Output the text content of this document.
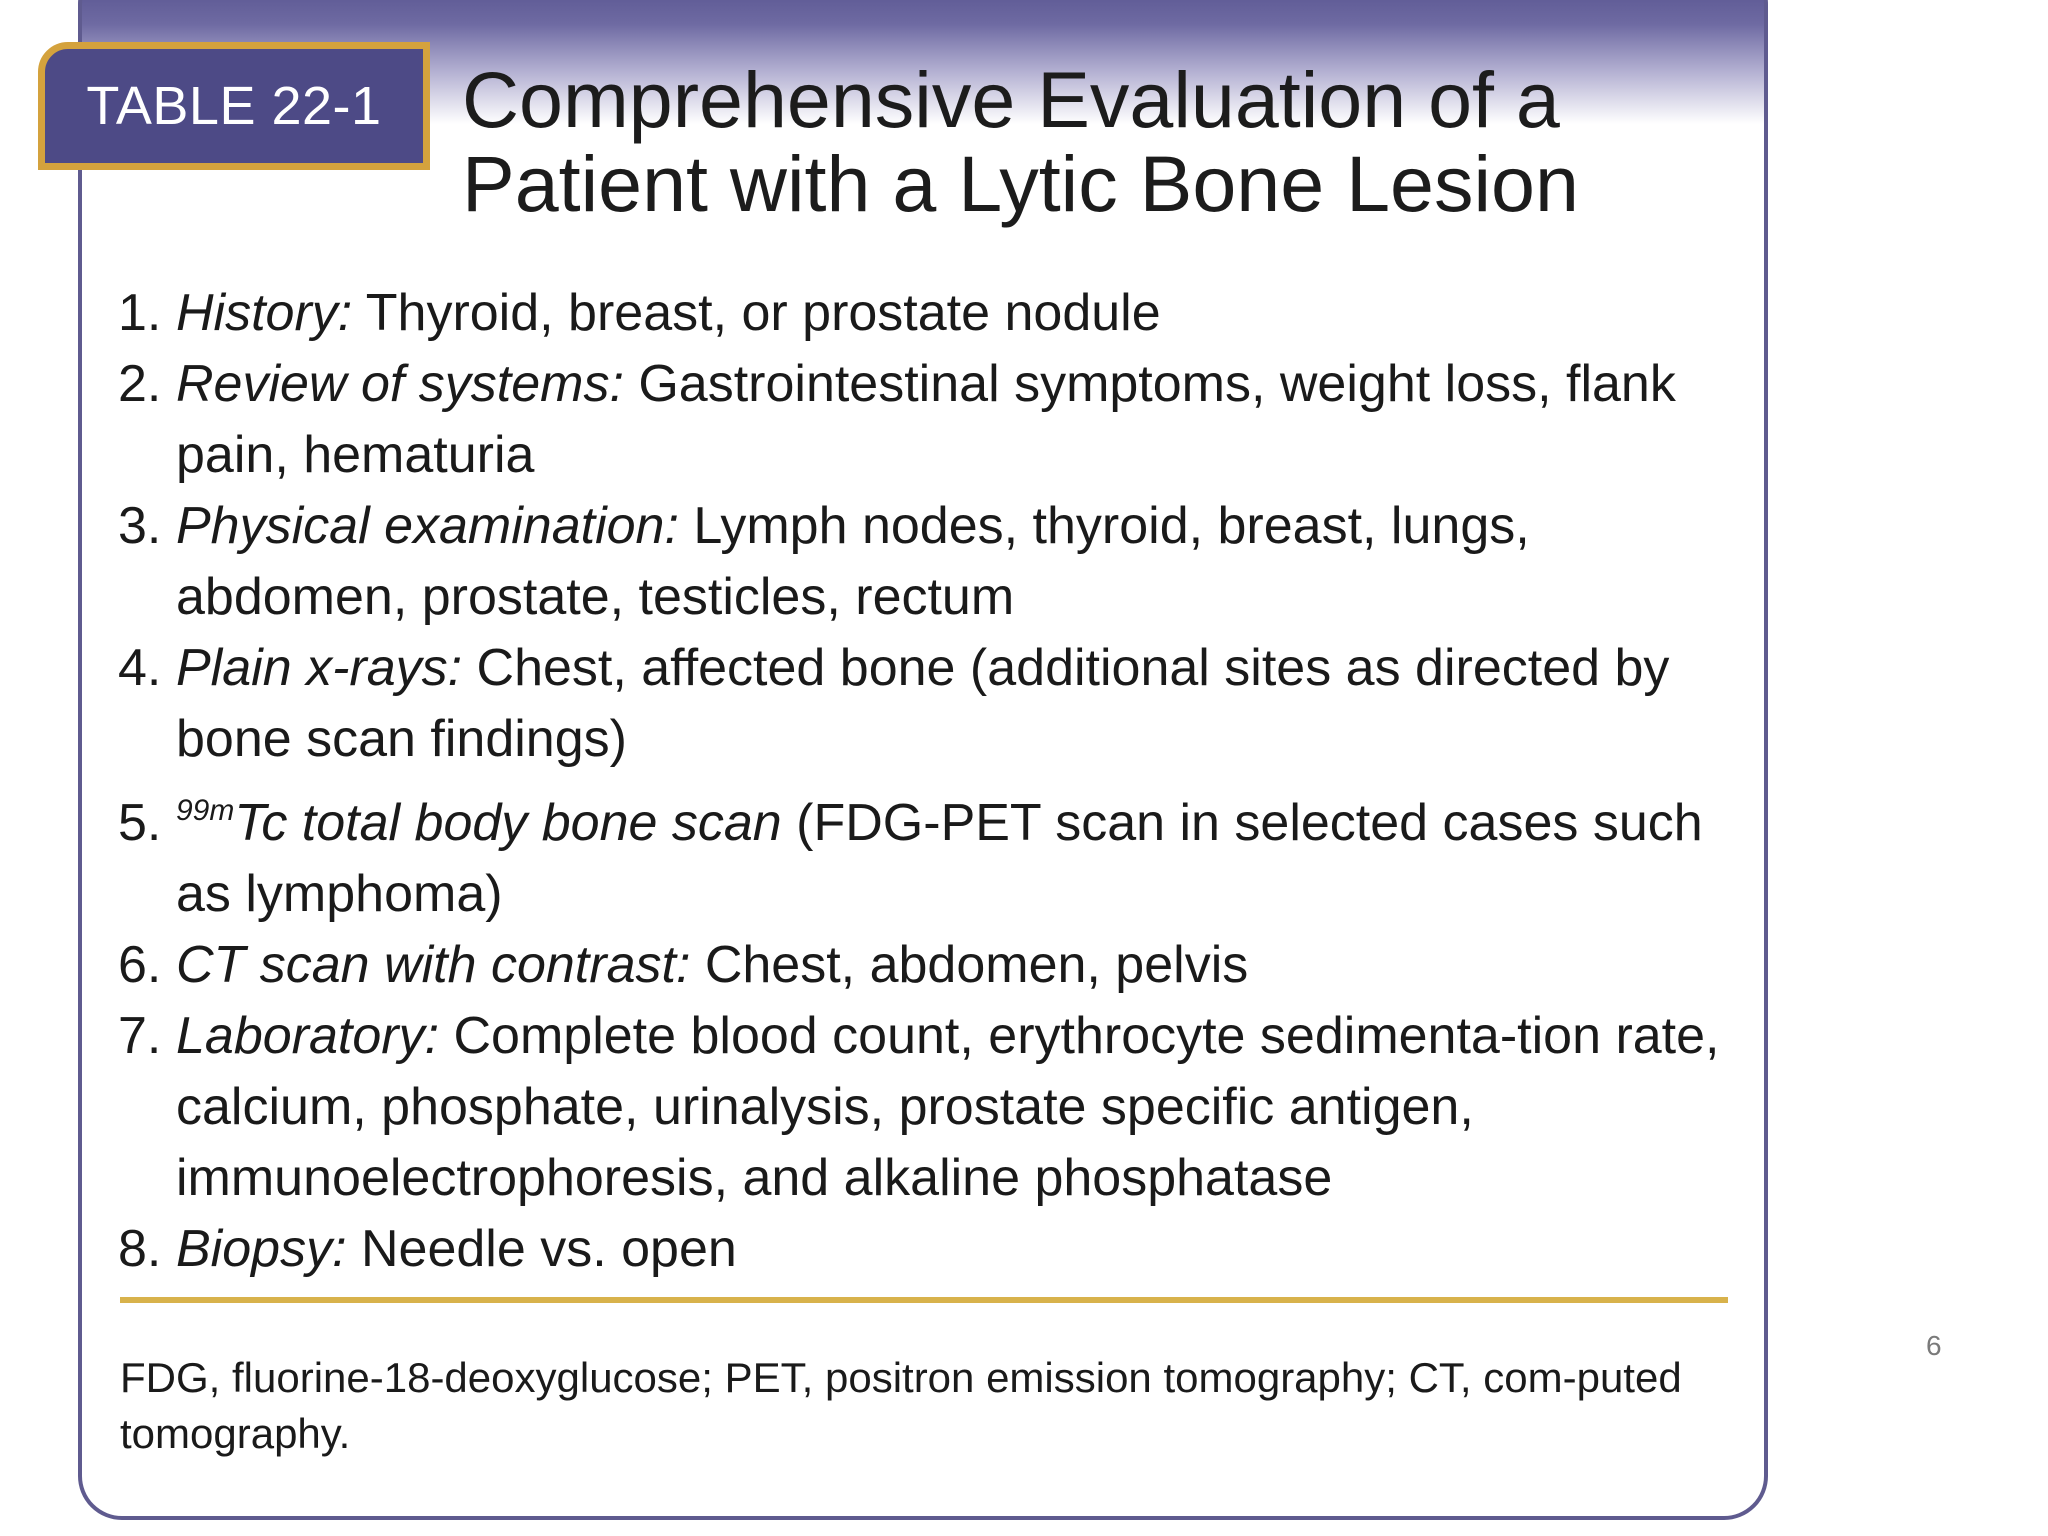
TABLE 22-1	Comprehensive Evaluation of a
Patient with a Lytic Bone Lesion
1. History: Thyroid, breast, or prostate nodule
2. Review of systems: Gastrointestinal symptoms, weight loss, flank pain, hematuria
3. Physical examination: Lymph nodes, thyroid, breast, lungs, abdomen, prostate, testicles, rectum
4. Plain x-rays: Chest, affected bone (additional sites as directed by bone scan findings)
5. $^{99m}$Tc total body bone scan (FDG-PET scan in selected cases such as lymphoma)
6. CT scan with contrast: Chest, abdomen, pelvis
7. Laboratory: Complete blood count, erythrocyte sedimenta-tion rate, calcium, phosphate, urinalysis, prostate specific antigen, immunoelectrophoresis, and alkaline phosphatase
8. Biopsy: Needle vs. open
FDG, fluorine-18-deoxyglucose; PET, positron emission tomography; CT, com-puted tomography.
6
